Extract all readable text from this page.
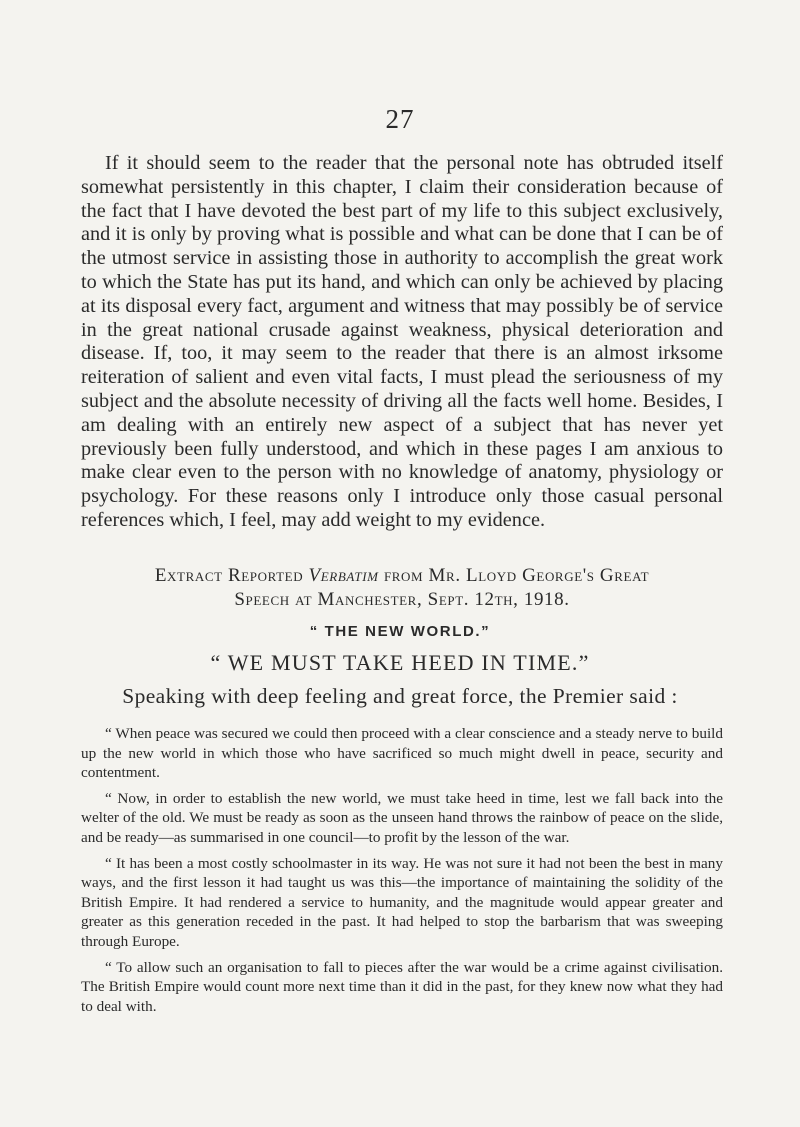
27

If it should seem to the reader that the personal note has obtruded itself somewhat persistently in this chapter, I claim their consideration because of the fact that I have devoted the best part of my life to this subject exclusively, and it is only by proving what is possible and what can be done that I can be of the utmost service in assisting those in authority to accomplish the great work to which the State has put its hand, and which can only be achieved by placing at its disposal every fact, argument and witness that may possibly be of service in the great national crusade against weakness, physical deterioration and disease. If, too, it may seem to the reader that there is an almost irksome reiteration of salient and even vital facts, I must plead the seriousness of my subject and the absolute necessity of driving all the facts well home. Besides, I am dealing with an entirely new aspect of a subject that has never yet previously been fully understood, and which in these pages I am anxious to make clear even to the person with no knowledge of anatomy, physiology or psychology. For these reasons only I introduce only those casual personal references which, I feel, may add weight to my evidence.

Extract Reported Verbatim from Mr. Lloyd George's Great
Speech at Manchester, Sept. 12th, 1918.
“ THE NEW WORLD.”
“ WE MUST TAKE HEED IN TIME.”
Speaking with deep feeling and great force, the Premier said :

“ When peace was secured we could then proceed with a clear conscience and a steady nerve to build up the new world in which those who have sacrificed so much might dwell in peace, security and contentment.

“ Now, in order to establish the new world, we must take heed in time, lest we fall back into the welter of the old. We must be ready as soon as the unseen hand throws the rainbow of peace on the slide, and be ready—as summarised in one council—to profit by the lesson of the war.

“ It has been a most costly schoolmaster in its way. He was not sure it had not been the best in many ways, and the first lesson it had taught us was this—the importance of maintaining the solidity of the British Empire. It had rendered a service to humanity, and the magnitude would appear greater and greater as this generation receded in the past. It had helped to stop the barbarism that was sweeping through Europe.

“ To allow such an organisation to fall to pieces after the war would be a crime against civilisation. The British Empire would count more next time than it did in the past, for they knew now what they had to deal with.
